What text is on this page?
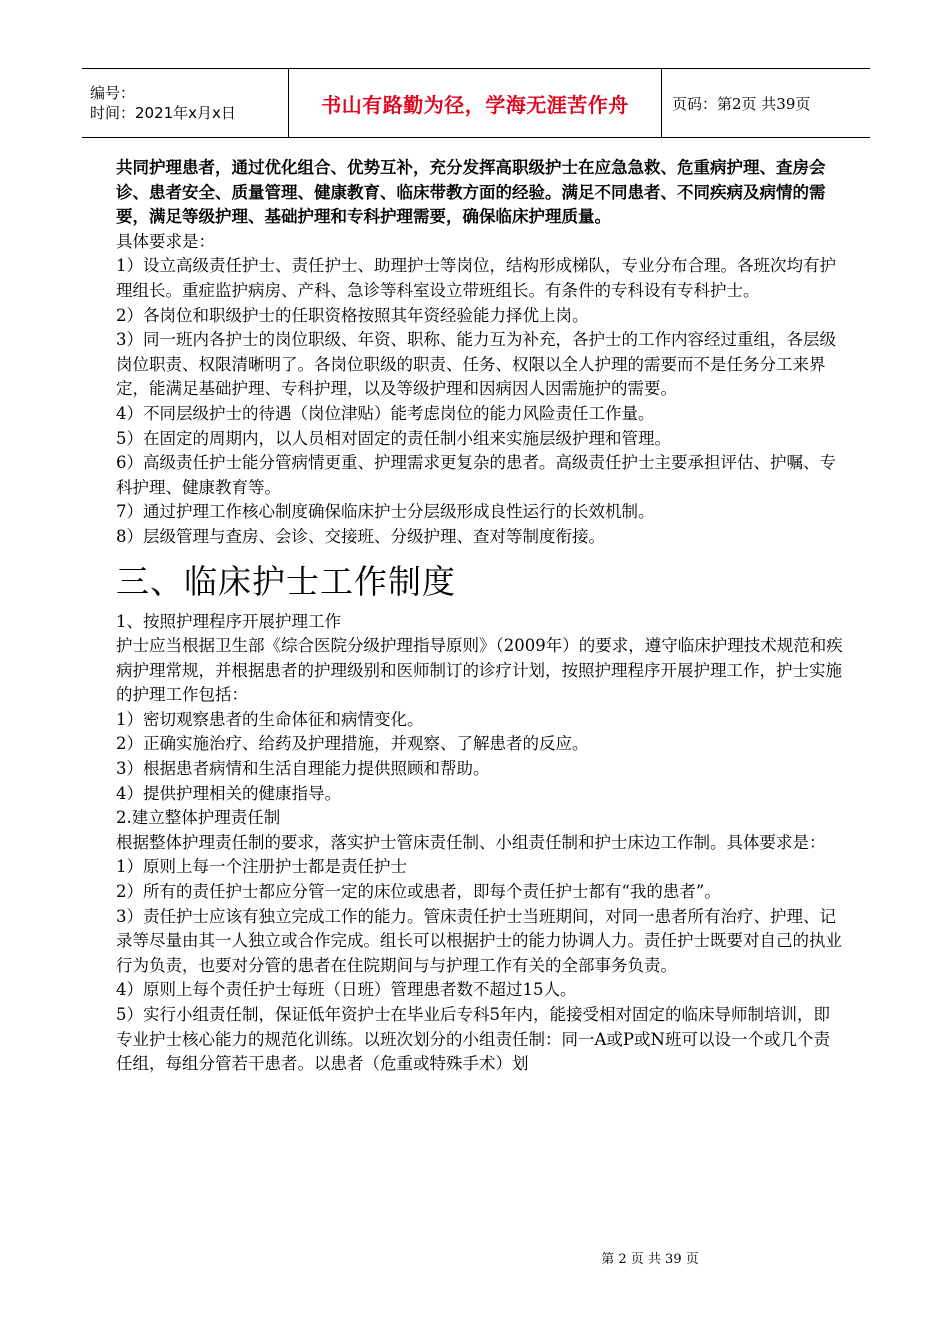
编号：
时间：2021年x月x日	书山有路勤为径，学海无涯苦作舟	页码：第2页 共39页

共同护理患者，通过优化组合、优势互补，充分发挥高职级护士在应急急救、危重病护理、查房会诊、患者安全、质量管理、健康教育、临床带教方面的经验。满足不同患者、不同疾病及病情的需要，满足等级护理、基础护理和专科护理需要，确保临床护理质量。

具体要求是：

1）设立高级责任护士、责任护士、助理护士等岗位，结构形成梯队，专业分布合理。各班次均有护理组长。重症监护病房、产科、急诊等科室设立带班组长。有条件的专科设有专科护士。

2）各岗位和职级护士的任职资格按照其年资经验能力择优上岗。

3）同一班内各护士的岗位职级、年资、职称、能力互为补充，各护士的工作内容经过重组，各层级岗位职责、权限清晰明了。各岗位职级的职责、任务、权限以全人护理的需要而不是任务分工来界定，能满足基础护理、专科护理，以及等级护理和因病因人因需施护的需要。

4）不同层级护士的待遇（岗位津贴）能考虑岗位的能力风险责任工作量。

5）在固定的周期内，以人员相对固定的责任制小组来实施层级护理和管理。

6）高级责任护士能分管病情更重、护理需求更复杂的患者。高级责任护士主要承担评估、护嘱、专科护理、健康教育等。

7）通过护理工作核心制度确保临床护士分层级形成良性运行的长效机制。

8）层级管理与查房、会诊、交接班、分级护理、查对等制度衔接。

三、临床护士工作制度

1、按照护理程序开展护理工作

护士应当根据卫生部《综合医院分级护理指导原则》（2009年）的要求，遵守临床护理技术规范和疾病护理常规，并根据患者的护理级别和医师制订的诊疗计划，按照护理程序开展护理工作，护士实施的护理工作包括：

1）密切观察患者的生命体征和病情变化。

2）正确实施治疗、给药及护理措施，并观察、了解患者的反应。

3）根据患者病情和生活自理能力提供照顾和帮助。

4）提供护理相关的健康指导。

2.建立整体护理责任制

根据整体护理责任制的要求，落实护士管床责任制、小组责任制和护士床边工作制。具体要求是：

1）原则上每一个注册护士都是责任护士

2）所有的责任护士都应分管一定的床位或患者，即每个责任护士都有“我的患者”。

3）责任护士应该有独立完成工作的能力。管床责任护士当班期间，对同一患者所有治疗、护理、记录等尽量由其一人独立或合作完成。组长可以根据护士的能力协调人力。责任护士既要对自己的执业行为负责，也要对分管的患者在住院期间与与护理工作有关的全部事务负责。

4）原则上每个责任护士每班（日班）管理患者数不超过15人。

5）实行小组责任制，保证低年资护士在毕业后专科5年内，能接受相对固定的临床导师制培训，即专业护士核心能力的规范化训练。以班次划分的小组责任制：同一A或P或N班可以设一个或几个责任组，每组分管若干患者。以患者（危重或特殊手术）划

第 2 页 共 39 页
